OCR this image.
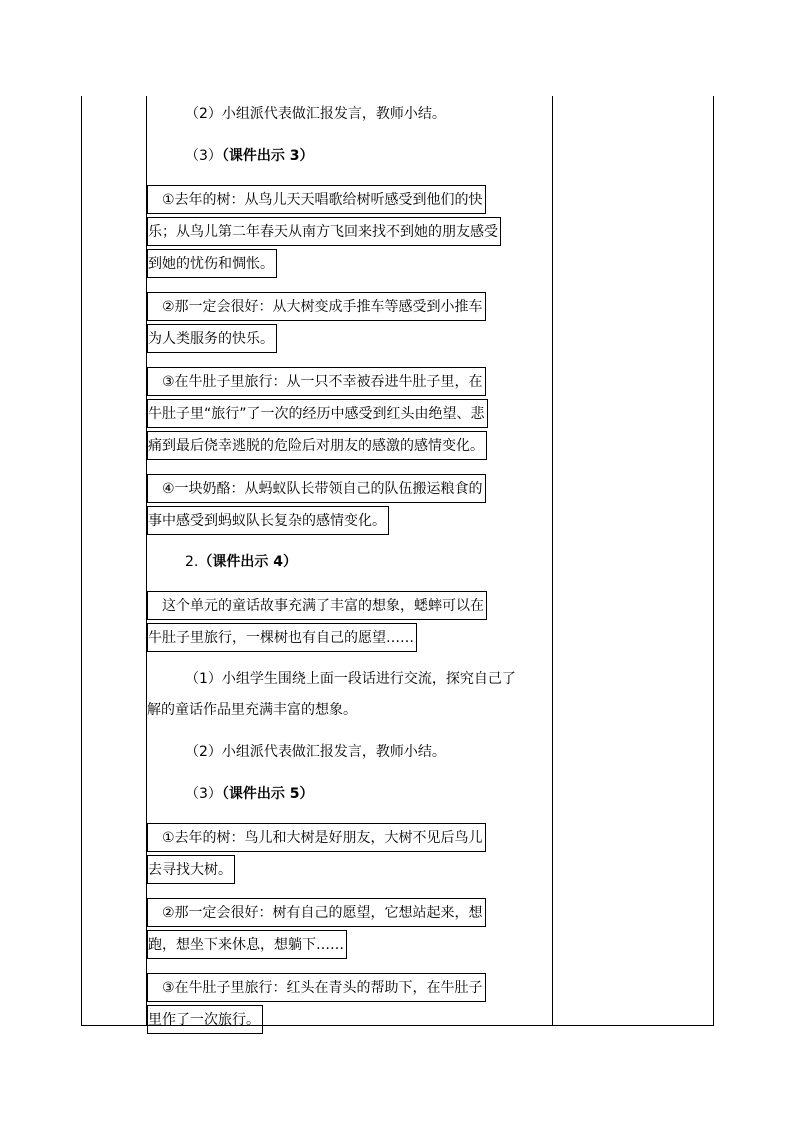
（2）小组派代表做汇报发言，教师小结。

（3）（课件出示 3）

　①去年的树：从鸟儿天天唱歌给树听感受到他们的快
乐；从鸟儿第二年春天从南方飞回来找不到她的朋友感受
到她的忧伤和惆怅。
　②那一定会很好：从大树变成手推车等感受到小推车
为人类服务的快乐。
　③在牛肚子里旅行：从一只不幸被吞进牛肚子里，在
牛肚子里“旅行”了一次的经历中感受到红头由绝望、悲
痛到最后侥幸逃脱的危险后对朋友的感激的感情变化。
　④一块奶酪：从蚂蚁队长带领自己的队伍搬运粮食的
事中感受到蚂蚁队长复杂的感情变化。

2.（课件出示 4）

　这个单元的童话故事充满了丰富的想象，蟋蟀可以在
牛肚子里旅行，一棵树也有自己的愿望……

（1）小组学生围绕上面一段话进行交流，探究自己了

解的童话作品里充满丰富的想象。

（2）小组派代表做汇报发言，教师小结。

（3）（课件出示 5）

　①去年的树：鸟儿和大树是好朋友，大树不见后鸟儿
去寻找大树。
　②那一定会很好：树有自己的愿望，它想站起来，想
跑，想坐下来休息，想躺下……
　③在牛肚子里旅行：红头在青头的帮助下，在牛肚子
里作了一次旅行。
